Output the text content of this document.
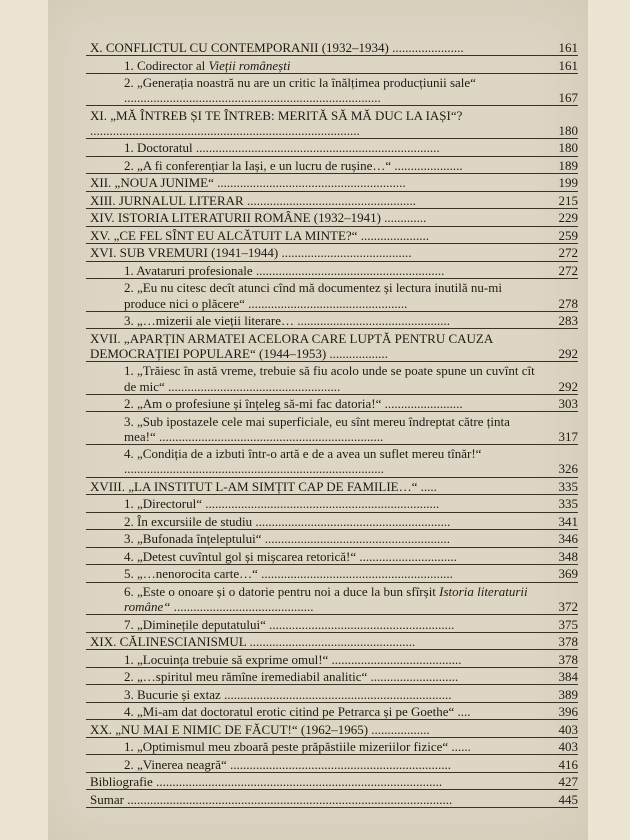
X. CONFLICTUL CU CONTEMPORANII (1932–1934) ......................	161
1. Codirector al Vieții românești	161
2. „Generația noastră nu are un critic la înălțimea producțiunii sale“ ...............................................................................	167
XI. „MĂ ÎNTREB ȘI TE ÎNTREB: MERITĂ SĂ MĂ DUC LA IAȘI“? ...................................................................................	180
1. Doctoratul ...........................................................................	180
2. „A fi conferențiar la Iași, e un lucru de rușine…“ .....................	189
XII. „NOUA JUNIME“ ..........................................................	199
XIII. JURNALUL LITERAR ....................................................	215
XIV. ISTORIA LITERATURII ROMÂNE (1932–1941) .............	229
XV. „CE FEL SÎNT EU ALCĂTUIT LA MINTE?“ .....................	259
XVI. SUB VREMURI (1941–1944) ........................................	272
1. Avataruri profesionale ..........................................................	272
2. „Eu nu citesc decît atunci cînd mă documentez și lectura inutilă nu-mi produce nici o plăcere“ .................................................	278
3. „…mizerii ale vieții literare… ...............................................	283
XVII. „APARȚIN ARMATEI ACELORA CARE LUPTĂ PENTRU CAUZA DEMOCRAȚIEI POPULARE“ (1944–1953) ..................	292
1. „Trăiesc în astă vreme, trebuie să fiu acolo unde se poate spune un cuvînt cît de mic“ .....................................................	292
2. „Am o profesiune și înțeleg să-mi fac datoria!“ ........................	303
3. „Sub ipostazele cele mai superficiale, eu sînt mereu îndreptat către ținta mea!“ .....................................................................	317
4. „Condiția de a izbuti într-o artă e de a avea un suflet mereu tînăr!“ ................................................................................	326
XVIII. „LA INSTITUT L-AM SIMȚIT CAP DE FAMILIE…“ .....	335
1. „Directorul“ ........................................................................	335
2. În excursiile de studiu ............................................................	341
3. „Bufonada înțeleptului“ .........................................................	346
4. „Detest cuvîntul gol și mișcarea retorică!“ ..............................	348
5. „…nenorocita carte…“ ...........................................................	369
6. „Este o onoare și o datorie pentru noi a duce la bun sfîrșit Istoria literaturii române“ ...........................................	372
7. „Diminețile deputatului“ .........................................................	375
XIX. CĂLINESCIANISMUL ...................................................	378
1. „Locuința trebuie să exprime omul!“ ........................................	378
2. „…spiritul meu rămîne iremediabil analitic“ ...........................	384
3. Bucurie și extaz ......................................................................	389
4. „Mi-am dat doctoratul erotic citind pe Petrarca și pe Goethe“ ....	396
XX. „NU MAI E NIMIC DE FĂCUT!“ (1962–1965) ..................	403
1. „Optimismul meu zboară peste prăpăstiile mizeriilor fizice“ ......	403
2. „Vinerea neagră“ ....................................................................	416
Bibliografie ........................................................................................	427
Sumar ....................................................................................................	445
